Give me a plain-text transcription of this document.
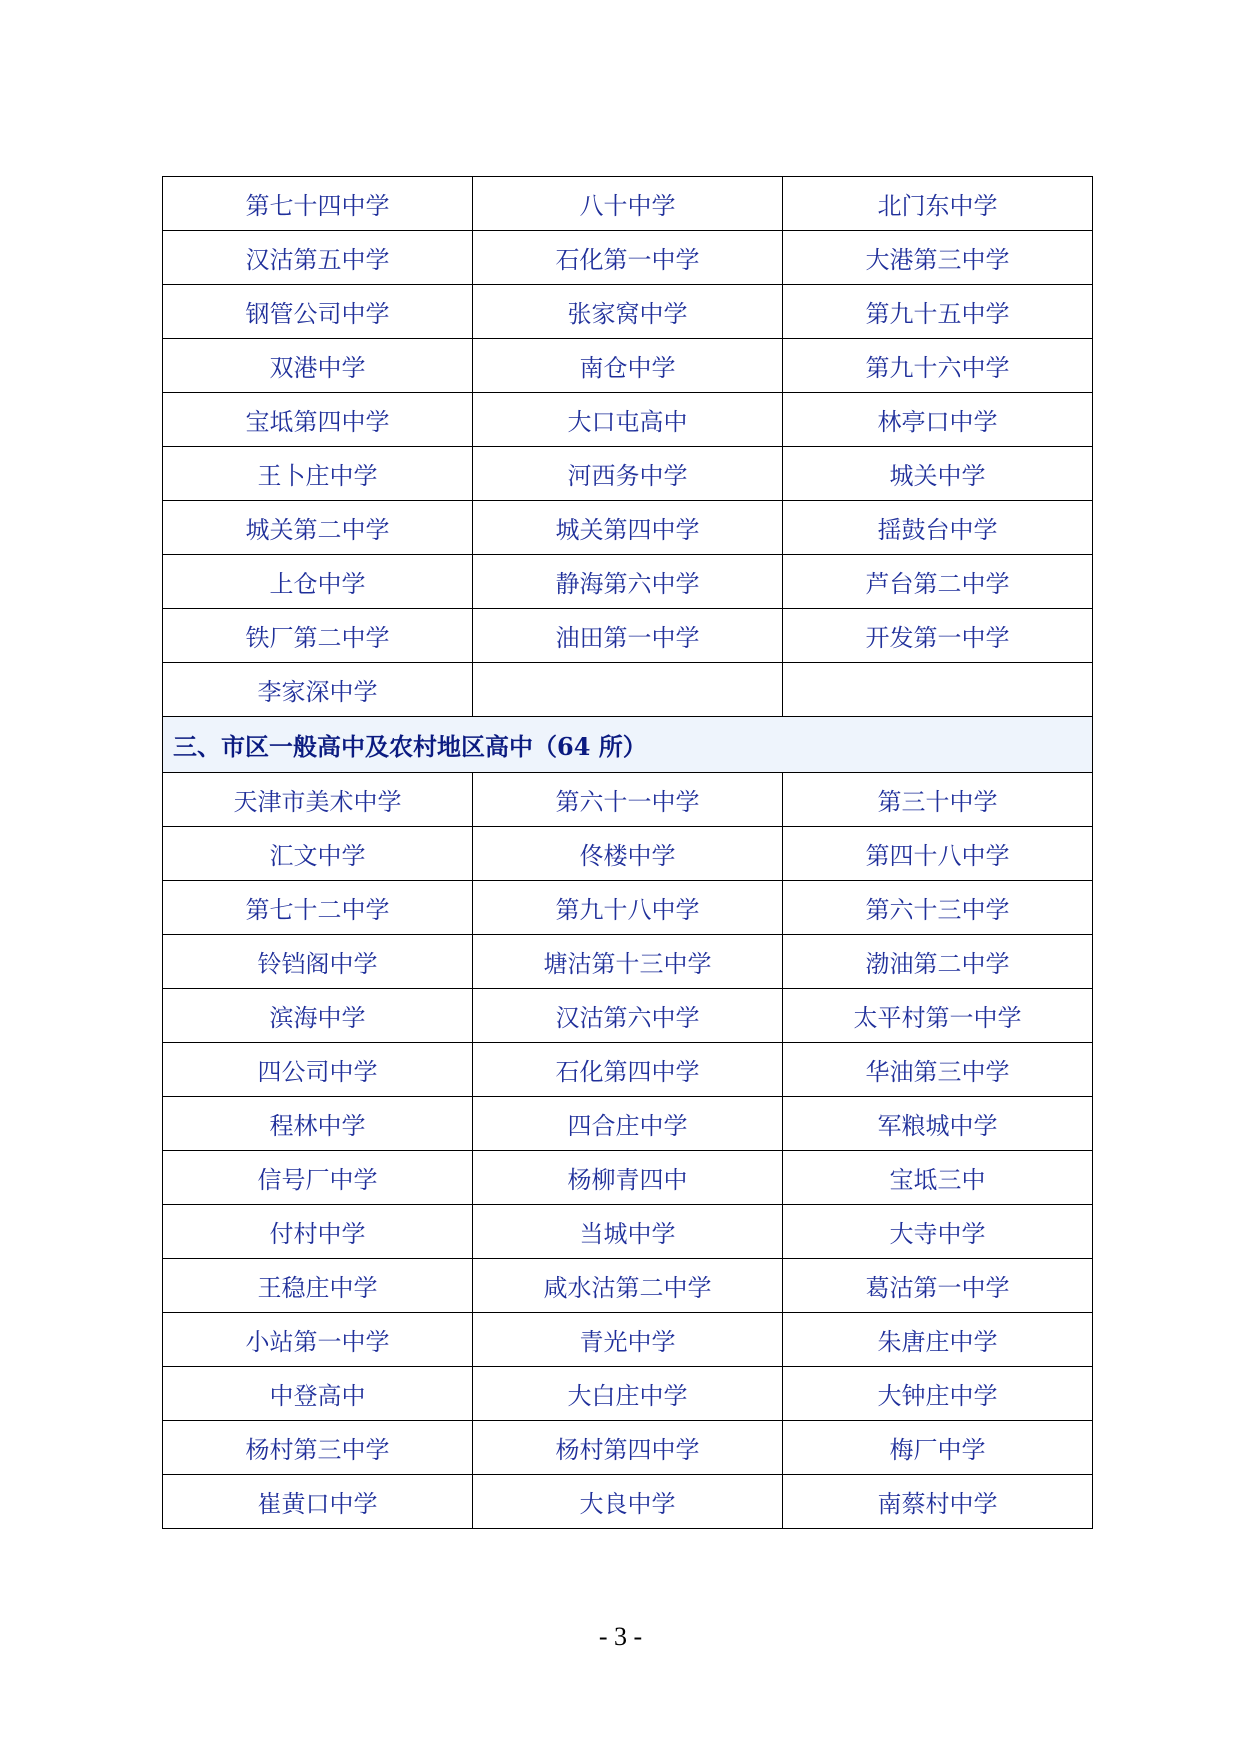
第七十四中学	八十中学	北门东中学
汉沽第五中学	石化第一中学	大港第三中学
钢管公司中学	张家窝中学	第九十五中学
双港中学	南仓中学	第九十六中学
宝坻第四中学	大口屯高中	林亭口中学
王卜庄中学	河西务中学	城关中学
城关第二中学	城关第四中学	揺鼓台中学
上仓中学	静海第六中学	芦台第二中学
铁厂第二中学	油田第一中学	开发第一中学
李家深中学		
三、市区一般高中及农村地区高中（64 所）		
天津市美术中学	第六十一中学	第三十中学
汇文中学	佟楼中学	第四十八中学
第七十二中学	第九十八中学	第六十三中学
铃铛阁中学	塘沽第十三中学	渤油第二中学
滨海中学	汉沽第六中学	太平村第一中学
四公司中学	石化第四中学	华油第三中学
程林中学	四合庄中学	军粮城中学
信号厂中学	杨柳青四中	宝坻三中
付村中学	当城中学	大寺中学
王稳庄中学	咸水沽第二中学	葛沽第一中学
小站第一中学	青光中学	朱唐庄中学
中登高中	大白庄中学	大钟庄中学
杨村第三中学	杨村第四中学	梅厂中学
崔黄口中学	大良中学	南蔡村中学
- 3 -
